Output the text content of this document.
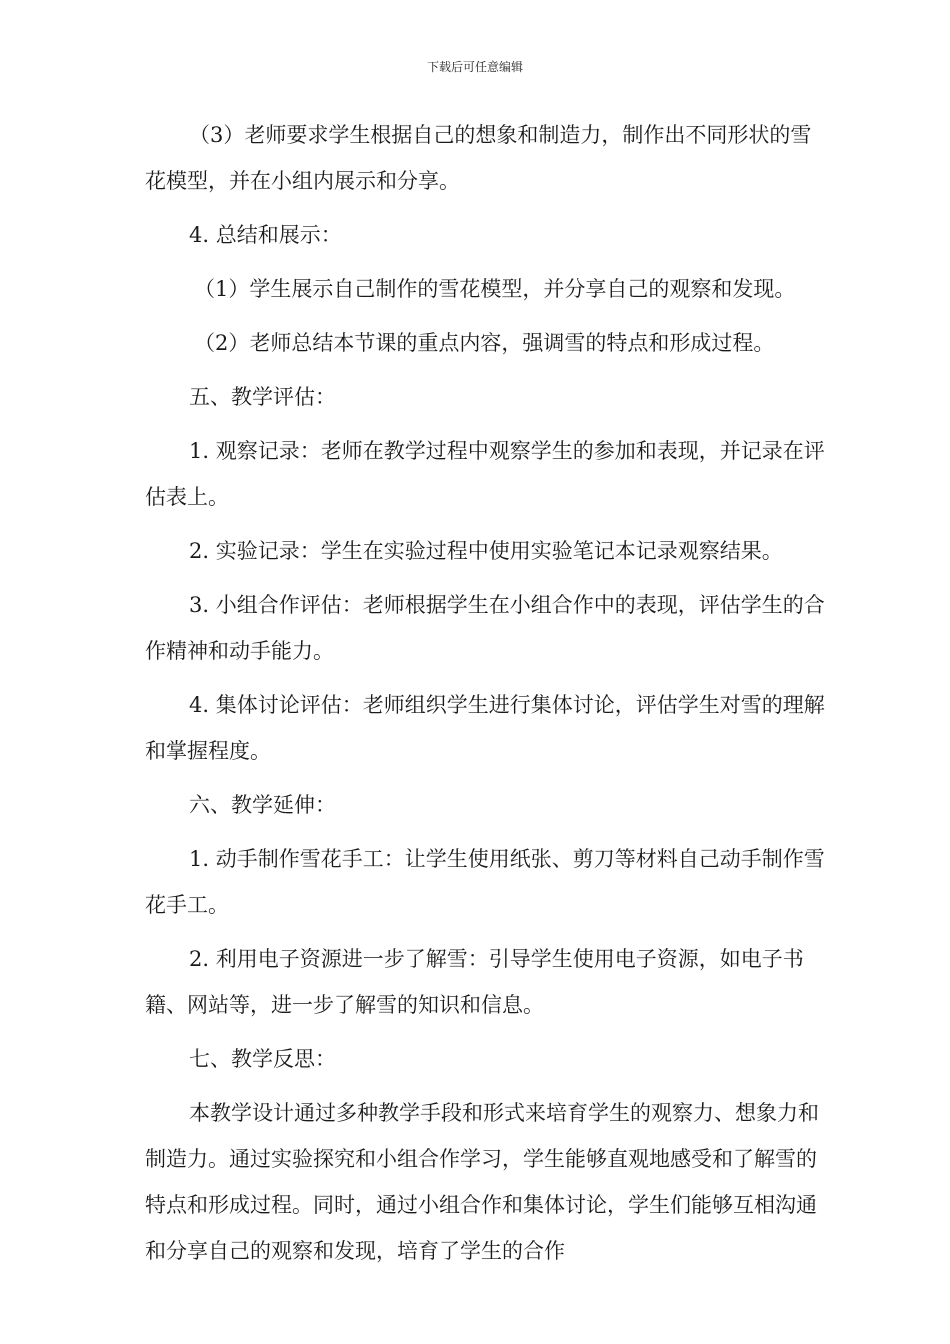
下载后可任意编辑

（3）老师要求学生根据自己的想象和制造力，制作出不同形状的雪花模型，并在小组内展示和分享。

4. 总结和展示：

（1）学生展示自己制作的雪花模型，并分享自己的观察和发现。

（2）老师总结本节课的重点内容，强调雪的特点和形成过程。

五、教学评估：

1. 观察记录：老师在教学过程中观察学生的参加和表现，并记录在评估表上。

2. 实验记录：学生在实验过程中使用实验笔记本记录观察结果。

3. 小组合作评估：老师根据学生在小组合作中的表现，评估学生的合作精神和动手能力。

4. 集体讨论评估：老师组织学生进行集体讨论，评估学生对雪的理解和掌握程度。

六、教学延伸：

1. 动手制作雪花手工：让学生使用纸张、剪刀等材料自己动手制作雪花手工。

2. 利用电子资源进一步了解雪：引导学生使用电子资源，如电子书籍、网站等，进一步了解雪的知识和信息。

七、教学反思：

本教学设计通过多种教学手段和形式来培育学生的观察力、想象力和制造力。通过实验探究和小组合作学习，学生能够直观地感受和了解雪的特点和形成过程。同时，通过小组合作和集体讨论，学生们能够互相沟通和分享自己的观察和发现，培育了学生的合作
